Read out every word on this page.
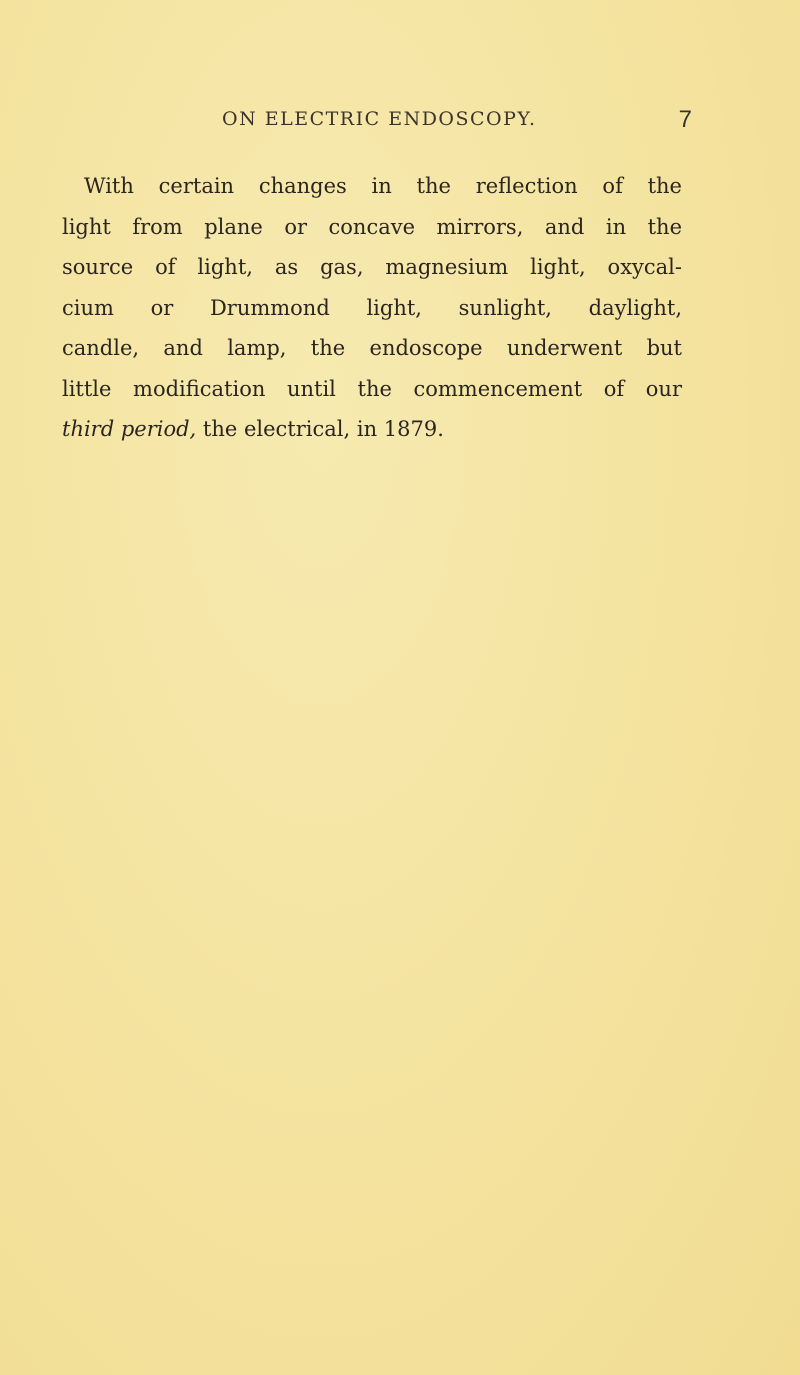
ON ELECTRIC ENDOSCOPY.	7
With certain changes in the reflection of the
light from plane or concave mirrors, and in the
source of light, as gas, magnesium light, oxycal-
cium or Drummond light, sunlight, daylight,
candle, and lamp, the endoscope underwent but
little modification until the commencement of our
third period, the electrical, in 1879.
